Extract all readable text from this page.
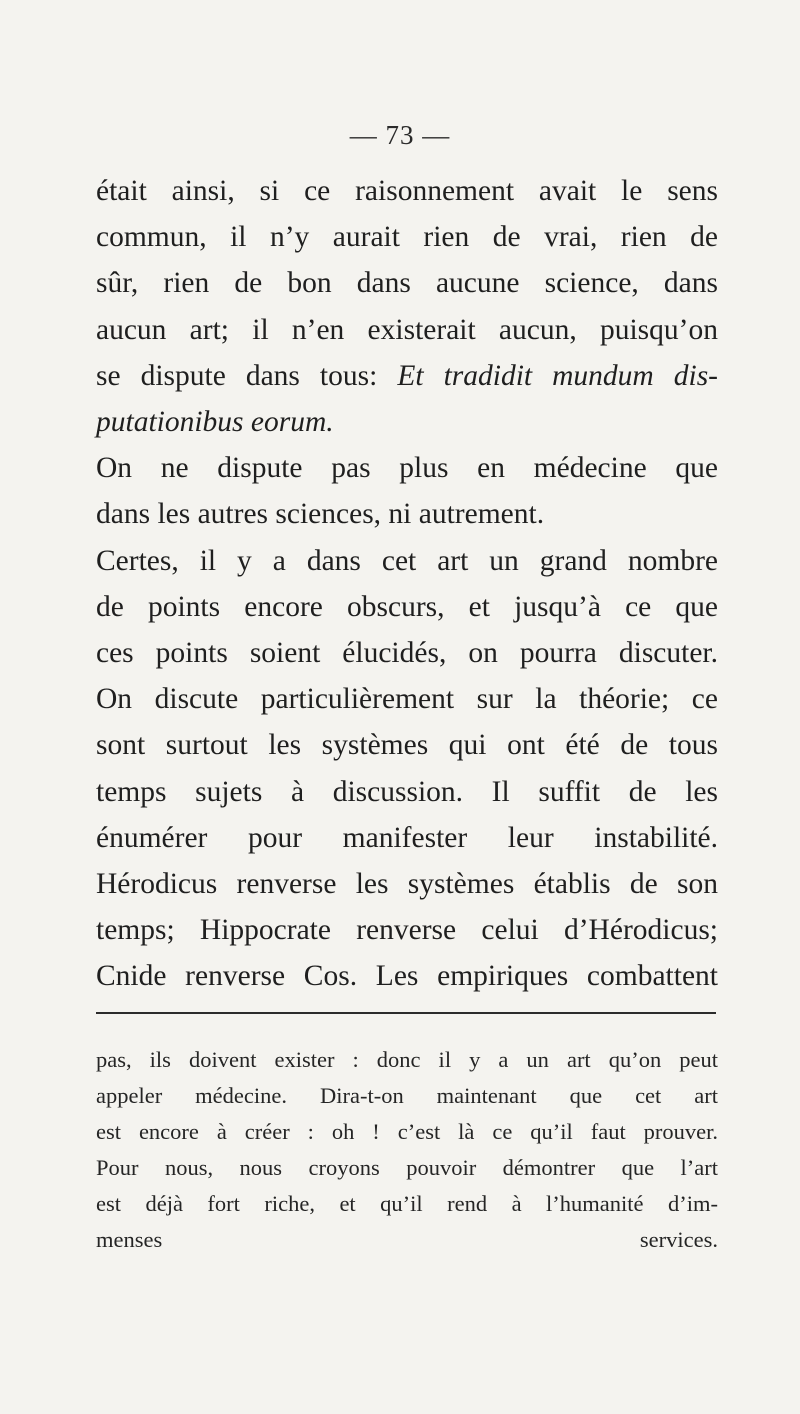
— 73 —
était ainsi, si ce raisonnement avait le sens
commun, il n’y aurait rien de vrai, rien de
sûr, rien de bon dans aucune science, dans
aucun art; il n’en existerait aucun, puisqu’on
se dispute dans tous: Et tradidit mundum dis-
putationibus eorum.
On ne dispute pas plus en médecine que
dans les autres sciences, ni autrement.
Certes, il y a dans cet art un grand nombre
de points encore obscurs, et jusqu’à ce que
ces points soient élucidés, on pourra discuter.
On discute particulièrement sur la théorie; ce
sont surtout les systèmes qui ont été de tous
temps sujets à discussion. Il suffit de les
énumérer pour manifester leur instabilité.
Hérodicus renverse les systèmes établis de son
temps; Hippocrate renverse celui d’Hérodicus;
Cnide renverse Cos. Les empiriques combattent
pas, ils doivent exister : donc il y a un art qu’on peut
appeler médecine. Dira-t-on maintenant que cet art
est encore à créer : oh ! c’est là ce qu’il faut prouver.
Pour nous, nous croyons pouvoir démontrer que l’art
est déjà fort riche, et qu’il rend à l’humanité d’im-
menses services.
